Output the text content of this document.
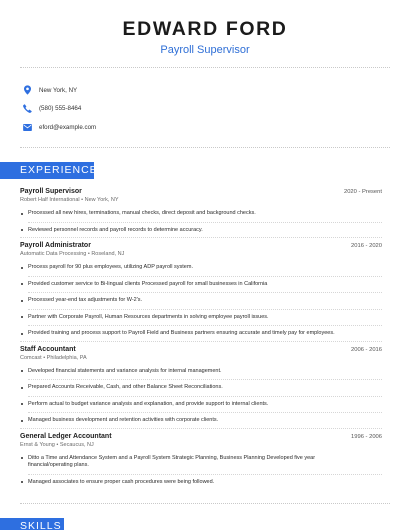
EDWARD FORD
Payroll Supervisor
New York, NY
(580) 555-8464
eford@example.com
EXPERIENCE
Payroll Supervisor	2020 - Present
Robert Half International • New York, NY
Processed all new hires, terminations, manual checks, direct deposit and background checks.
Reviewed personnel records and payroll records to determine accuracy.
Payroll Administrator	2016 - 2020
Automatic Data Processing • Roseland, NJ
Process payroll for 90 plus employees, utilizing ADP payroll system.
Provided customer service to Bi-lingual clients Processed payroll for small businesses in California
Processed year-end tax adjustments for W-2's.
Partner with Corporate Payroll, Human Resources departments in solving employee payroll issues.
Provided training and process support to Payroll Field and Business partners ensuring accurate and timely pay for employees.
Staff Accountant	2006 - 2016
Comcast • Philadelphia, PA
Developed financial statements and variance analysis for internal management.
Prepared Accounts Receivable, Cash, and other Balance Sheet Reconciliations.
Perform actual to budget variance analysis and explanation, and provide support to internal clients.
Managed business development and retention activities with corporate clients.
General Ledger Accountant	1996 - 2006
Ernst & Young • Secaucus, NJ
Ditto a Time and Attendance System and a Payroll System Strategic Planning, Business Planning Developed five year financial/operating plans.
Managed associates to ensure proper cash procedures were being followed.
SKILLS
